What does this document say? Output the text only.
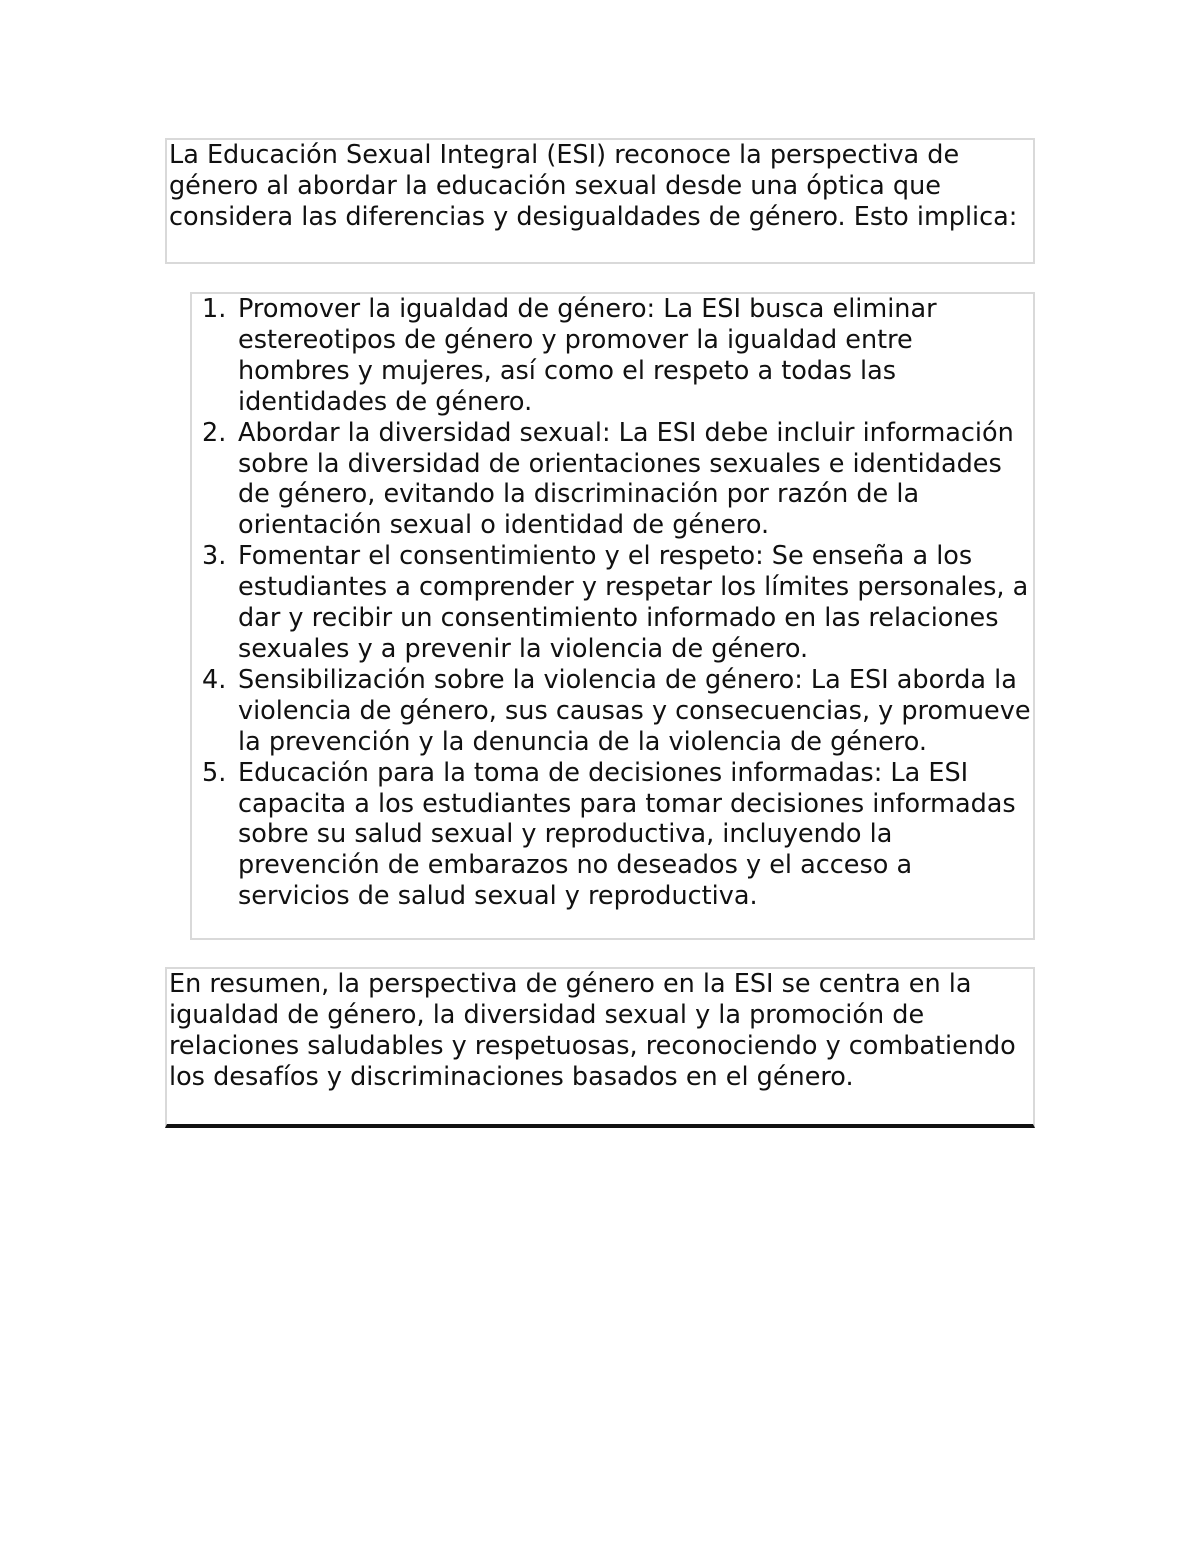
La Educación Sexual Integral (ESI) reconoce la perspectiva de género al abordar la educación sexual desde una óptica que considera las diferencias y desigualdades de género. Esto implica:

1. Promover la igualdad de género: La ESI busca eliminar estereotipos de género y promover la igualdad entre hombres y mujeres, así como el respeto a todas las identidades de género.
2. Abordar la diversidad sexual: La ESI debe incluir información sobre la diversidad de orientaciones sexuales e identidades de género, evitando la discriminación por razón de la orientación sexual o identidad de género.
3. Fomentar el consentimiento y el respeto: Se enseña a los estudiantes a comprender y respetar los límites personales, a dar y recibir un consentimiento informado en las relaciones sexuales y a prevenir la violencia de género.
4. Sensibilización sobre la violencia de género: La ESI aborda la violencia de género, sus causas y consecuencias, y promueve la prevención y la denuncia de la violencia de género.
5. Educación para la toma de decisiones informadas: La ESI capacita a los estudiantes para tomar decisiones informadas sobre su salud sexual y reproductiva, incluyendo la prevención de embarazos no deseados y el acceso a servicios de salud sexual y reproductiva.

En resumen, la perspectiva de género en la ESI se centra en la igualdad de género, la diversidad sexual y la promoción de relaciones saludables y respetuosas, reconociendo y combatiendo los desafíos y discriminaciones basados en el género.
